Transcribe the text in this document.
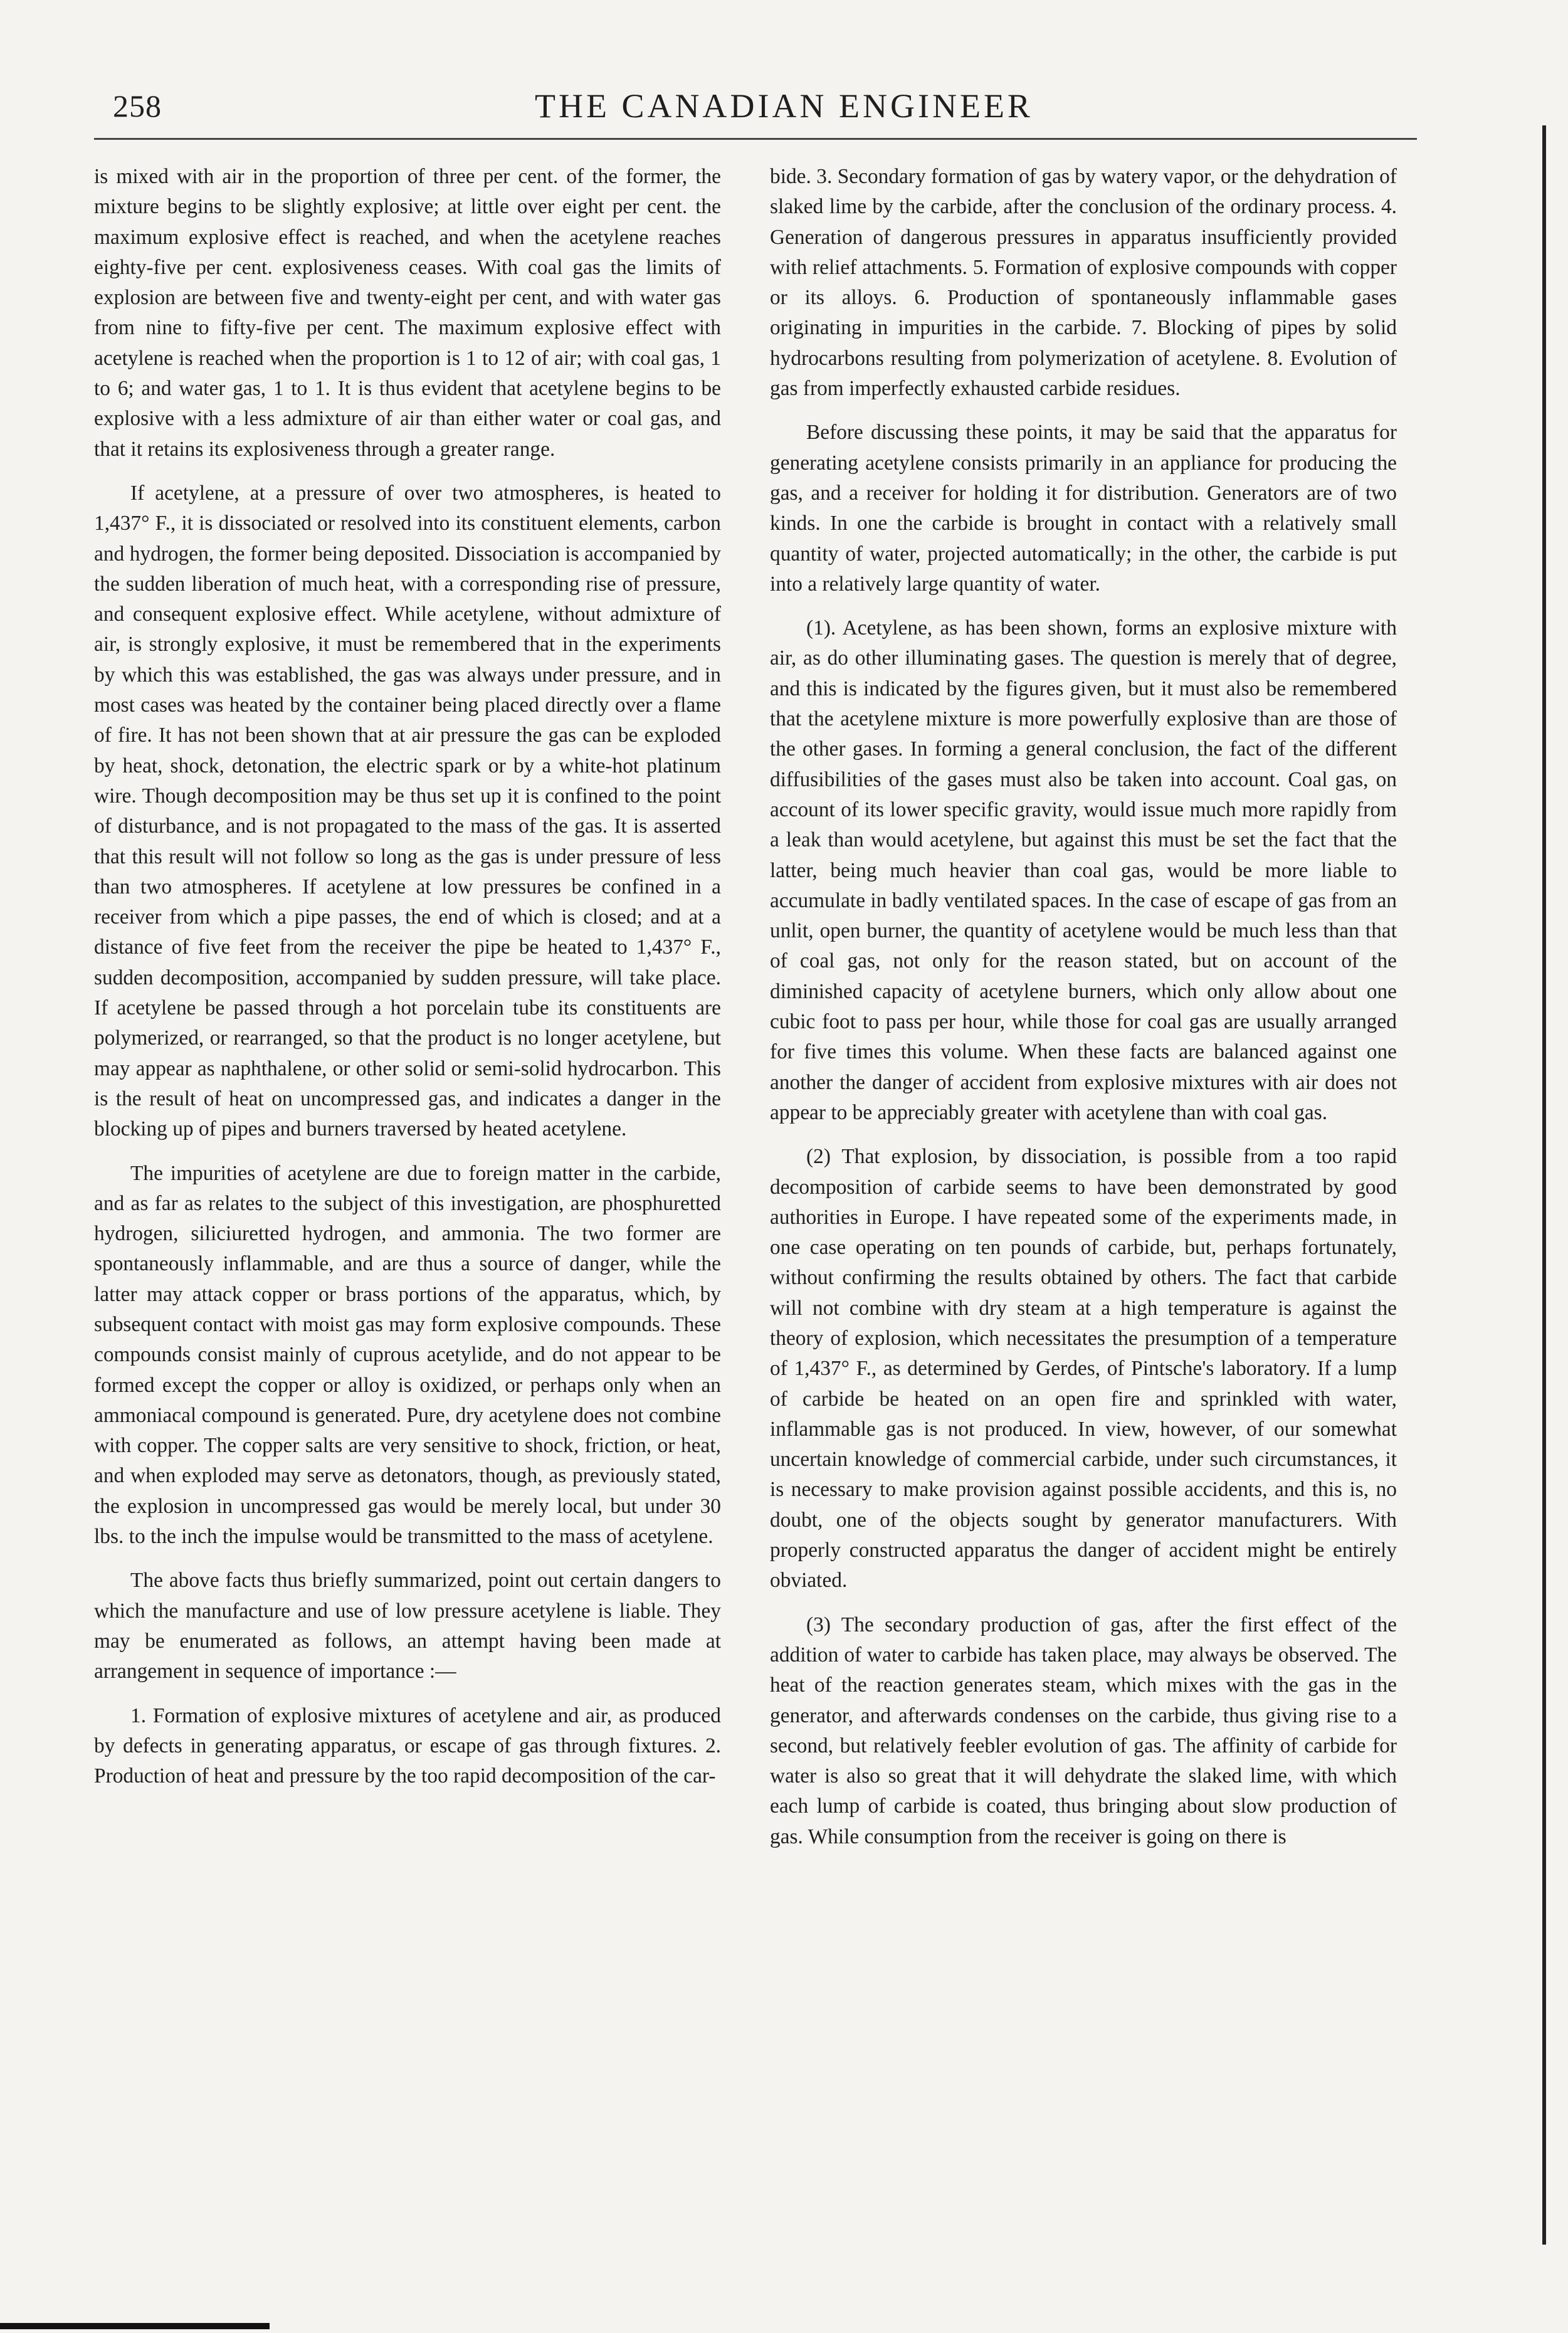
258	THE CANADIAN ENGINEER

is mixed with air in the proportion of three per cent. of the former, the mixture begins to be slightly explosive; at little over eight per cent. the maximum explosive effect is reached, and when the acetylene reaches eighty-five per cent. explosiveness ceases. With coal gas the limits of explosion are between five and twenty-eight per cent, and with water gas from nine to fifty-five per cent. The maximum explosive effect with acetylene is reached when the proportion is 1 to 12 of air; with coal gas, 1 to 6; and water gas, 1 to 1. It is thus evident that acetylene begins to be explosive with a less admixture of air than either water or coal gas, and that it retains its explosiveness through a greater range.

If acetylene, at a pressure of over two atmospheres, is heated to 1,437° F., it is dissociated or resolved into its constituent elements, carbon and hydrogen, the former being deposited. Dissociation is accompanied by the sudden liberation of much heat, with a corresponding rise of pressure, and consequent explosive effect. While acetylene, without admixture of air, is strongly explosive, it must be remembered that in the experiments by which this was established, the gas was always under pressure, and in most cases was heated by the container being placed directly over a flame of fire. It has not been shown that at air pressure the gas can be exploded by heat, shock, detonation, the electric spark or by a white-hot platinum wire. Though decomposition may be thus set up it is confined to the point of disturbance, and is not propagated to the mass of the gas. It is asserted that this result will not follow so long as the gas is under pressure of less than two atmospheres. If acetylene at low pressures be confined in a receiver from which a pipe passes, the end of which is closed; and at a distance of five feet from the receiver the pipe be heated to 1,437° F., sudden decomposition, accompanied by sudden pressure, will take place. If acetylene be passed through a hot porcelain tube its constituents are polymerized, or rearranged, so that the product is no longer acetylene, but may appear as naphthalene, or other solid or semi-solid hydrocarbon. This is the result of heat on uncompressed gas, and indicates a danger in the blocking up of pipes and burners traversed by heated acetylene.

The impurities of acetylene are due to foreign matter in the carbide, and as far as relates to the subject of this investigation, are phosphuretted hydrogen, siliciuretted hydrogen, and ammonia. The two former are spontaneously inflammable, and are thus a source of danger, while the latter may attack copper or brass portions of the apparatus, which, by subsequent contact with moist gas may form explosive compounds. These compounds consist mainly of cuprous acetylide, and do not appear to be formed except the copper or alloy is oxidized, or perhaps only when an ammoniacal compound is generated. Pure, dry acetylene does not combine with copper. The copper salts are very sensitive to shock, friction, or heat, and when exploded may serve as detonators, though, as previously stated, the explosion in uncompressed gas would be merely local, but under 30 lbs. to the inch the impulse would be transmitted to the mass of acetylene.

The above facts thus briefly summarized, point out certain dangers to which the manufacture and use of low pressure acetylene is liable. They may be enumerated as follows, an attempt having been made at arrangement in sequence of importance :—

1. Formation of explosive mixtures of acetylene and air, as produced by defects in generating apparatus, or escape of gas through fixtures. 2. Production of heat and pressure by the too rapid decomposition of the car-

bide. 3. Secondary formation of gas by watery vapor, or the dehydration of slaked lime by the carbide, after the conclusion of the ordinary process. 4. Generation of dangerous pressures in apparatus insufficiently provided with relief attachments. 5. Formation of explosive compounds with copper or its alloys. 6. Production of spontaneously inflammable gases originating in impurities in the carbide. 7. Blocking of pipes by solid hydrocarbons resulting from polymerization of acetylene. 8. Evolution of gas from imperfectly exhausted carbide residues.

Before discussing these points, it may be said that the apparatus for generating acetylene consists primarily in an appliance for producing the gas, and a receiver for holding it for distribution. Generators are of two kinds. In one the carbide is brought in contact with a relatively small quantity of water, projected automatically; in the other, the carbide is put into a relatively large quantity of water.

(1). Acetylene, as has been shown, forms an explosive mixture with air, as do other illuminating gases. The question is merely that of degree, and this is indicated by the figures given, but it must also be remembered that the acetylene mixture is more powerfully explosive than are those of the other gases. In forming a general conclusion, the fact of the different diffusibilities of the gases must also be taken into account. Coal gas, on account of its lower specific gravity, would issue much more rapidly from a leak than would acetylene, but against this must be set the fact that the latter, being much heavier than coal gas, would be more liable to accumulate in badly ventilated spaces. In the case of escape of gas from an unlit, open burner, the quantity of acetylene would be much less than that of coal gas, not only for the reason stated, but on account of the diminished capacity of acetylene burners, which only allow about one cubic foot to pass per hour, while those for coal gas are usually arranged for five times this volume. When these facts are balanced against one another the danger of accident from explosive mixtures with air does not appear to be appreciably greater with acetylene than with coal gas.

(2) That explosion, by dissociation, is possible from a too rapid decomposition of carbide seems to have been demonstrated by good authorities in Europe. I have repeated some of the experiments made, in one case operating on ten pounds of carbide, but, perhaps fortunately, without confirming the results obtained by others. The fact that carbide will not combine with dry steam at a high temperature is against the theory of explosion, which necessitates the presumption of a temperature of 1,437° F., as determined by Gerdes, of Pintsche's laboratory. If a lump of carbide be heated on an open fire and sprinkled with water, inflammable gas is not produced. In view, however, of our somewhat uncertain knowledge of commercial carbide, under such circumstances, it is necessary to make provision against possible accidents, and this is, no doubt, one of the objects sought by generator manufacturers. With properly constructed apparatus the danger of accident might be entirely obviated.

(3) The secondary production of gas, after the first effect of the addition of water to carbide has taken place, may always be observed. The heat of the reaction generates steam, which mixes with the gas in the generator, and afterwards condenses on the carbide, thus giving rise to a second, but relatively feebler evolution of gas. The affinity of carbide for water is also so great that it will dehydrate the slaked lime, with which each lump of carbide is coated, thus bringing about slow production of gas. While consumption from the receiver is going on there is
